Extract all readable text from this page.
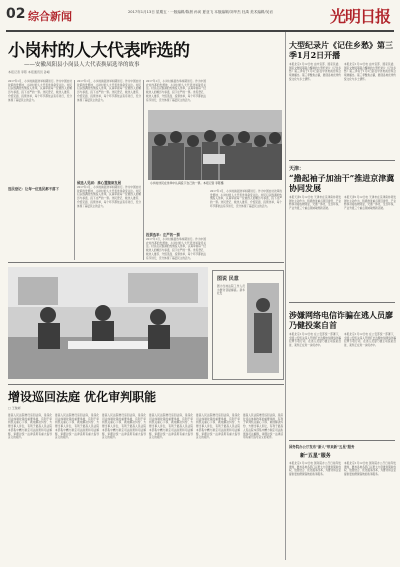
02 综合新闻	2017年1月13日 星期五 · 一版编辑/陈晨 孙寅 夏亚飞 本版编辑/刘华杰 杜禹 美术编辑/吴岩	光明日报
小岗村的人大代表咋选的
——安徽凤阳县小岗县人大代表换届选举的故事
本报记者 李陈 本报通讯员 孙峰
2017年1月，小岗村换届选举如期进行。作为中国农村改革的发源地，小岗村的人大代表选举备受关注。村民们以饱满的热情投入选举，认真审视每一位候选人的履历与承诺，投下庄严的一票。选民登记、候选人推荐、介绍见面、投票选举，每个环节都依法有序进行，充分体现了基层民主的活力。
2017年1月，小岗村换届选举如期进行。作为中国农村改革的发源地，小岗村的人大代表选举备受关注。村民们以饱满的热情投入选举，认真审视每一位候选人的履历与承诺，投下庄严的一票。选民登记、候选人推荐、介绍见面、投票选举，每个环节都依法有序进行，充分体现了基层民主的活力。
2017年1月，小岗村换届选举如期进行。作为中国农村改革的发源地，小岗村的人大代表选举备受关注。村民们以饱满的热情投入选举，认真审视每一位候选人的履历与承诺，投下庄严的一票。选民登记、候选人推荐、介绍见面、投票选举，每个环节都依法有序进行，充分体现了基层民主的活力。
选民登记：让每一位选民都不落下
候选人见面：推心置腹谈发展
投票选举：庄严的一票
2017年1月，小岗村换届选举如期进行。作为中国农村改革的发源地，小岗村的人大代表选举备受关注。村民们以饱满的热情投入选举，认真审视每一位候选人的履历与承诺，投下庄严的一票。选民登记、候选人推荐、介绍见面、投票选举，每个环节都依法有序进行，充分体现了基层民主的活力。
2017年1月，小岗村换届选举如期进行。作为中国农村改革的发源地，小岗村的人大代表选举备受关注。村民们以饱满的热情投入选举，认真审视每一位候选人的履历与承诺，投下庄严的一票。选民登记、候选人推荐、介绍见面、投票选举，每个环节都依法有序进行，充分体现了基层民主的活力。
小岗村选民在选举中认真投下自己的一票。本报记者 李陈摄
2017年1月，小岗村换届选举如期进行。作为中国农村改革的发源地，小岗村的人大代表选举备受关注。村民们以饱满的热情投入选举，认真审视每一位候选人的履历与承诺，投下庄严的一票。选民登记、候选人推荐、介绍见面、投票选举，每个环节都依法有序进行，充分体现了基层民主的活力。
大型纪录片《记住乡愁》第三季1月2日开播
本报北京1月12日电 由中宣部、国家民委、国家文物局等联合摄制的大型纪录片《记住乡愁》第三季将于1月2日起在中央电视台综合频道播出。第三季聚焦古镇，展现各地优秀传统文化与乡土情怀。
本报北京1月12日电 由中宣部、国家民委、国家文物局等联合摄制的大型纪录片《记住乡愁》第三季将于1月2日起在中央电视台综合频道播出。第三季聚焦古镇，展现各地优秀传统文化与乡土情怀。
天津：
“撸起袖子加油干”推进京津冀协同发展
本报天津1月12日电 天津市在京津冀协同发展中主动作为，积极推进重点项目建设，产业转移对接成效明显，交通一体化、生态环保、产业升级三个重点领域取得新突破。
本报天津1月12日电 天津市在京津冀协同发展中主动作为，积极推进重点项目建设，产业转移对接成效明显，交通一体化、生态环保、产业升级三个重点领域取得新突破。
涉嫌网络电信诈骗在逃人员廖乃健投案自首
本报北京1月12日电 在公安部统一部署下，全国公安机关深入开展打击治理电信网络诈骗犯罪专项行动，在逃人员廖乃健主动投案自首，案件正在进一步侦办中。
本报北京1月12日电 在公安部统一部署下，全国公安机关深入开展打击治理电信网络诈骗犯罪专项行动，在逃人员廖乃健主动投案自首，案件正在进一步侦办中。
图说 民意
图为当地法院工作人员为群众答疑解惑。新华社发
增设巡回法庭 优化审判职能
□ 王俊彬
最高人民法院增设巡回法庭，是深化司法体制改革的重要举措，有利于审判机关重心下移、就地解决纠纷、方便当事人诉讼，有利于最高人民法院本部集中精力制定司法政策和司法解释、审理对统一法律适用有重大指导意义的案件。
最高人民法院增设巡回法庭，是深化司法体制改革的重要举措，有利于审判机关重心下移、就地解决纠纷、方便当事人诉讼，有利于最高人民法院本部集中精力制定司法政策和司法解释、审理对统一法律适用有重大指导意义的案件。
最高人民法院增设巡回法庭，是深化司法体制改革的重要举措，有利于审判机关重心下移、就地解决纠纷、方便当事人诉讼，有利于最高人民法院本部集中精力制定司法政策和司法解释、审理对统一法律适用有重大指导意义的案件。
最高人民法院增设巡回法庭，是深化司法体制改革的重要举措，有利于审判机关重心下移、就地解决纠纷、方便当事人诉讼，有利于最高人民法院本部集中精力制定司法政策和司法解释、审理对统一法律适用有重大指导意义的案件。
最高人民法院增设巡回法庭，是深化司法体制改革的重要举措，有利于审判机关重心下移、就地解决纠纷、方便当事人诉讼，有利于最高人民法院本部集中精力制定司法政策和司法解释、审理对统一法律适用有重大指导意义的案件。
最高人民法院增设巡回法庭，是深化司法体制改革的重要举措，有利于审判机关重心下移、就地解决纠纷、方便当事人诉讼，有利于最高人民法院本部集中精力制定司法政策和司法解释、审理对统一法律适用有重大指导意义的案件。
国务院办公厅发布“新人”带来新“五星”服务
新“五星”服务
本报北京1月12日电 国务院办公厅日前印发通知，要求各地各部门以更大力度推进简政放权、放管结合、优化服务改革，为群众和企业提供更加便捷高效的政务服务。
本报北京1月12日电 国务院办公厅日前印发通知，要求各地各部门以更大力度推进简政放权、放管结合、优化服务改革，为群众和企业提供更加便捷高效的政务服务。
